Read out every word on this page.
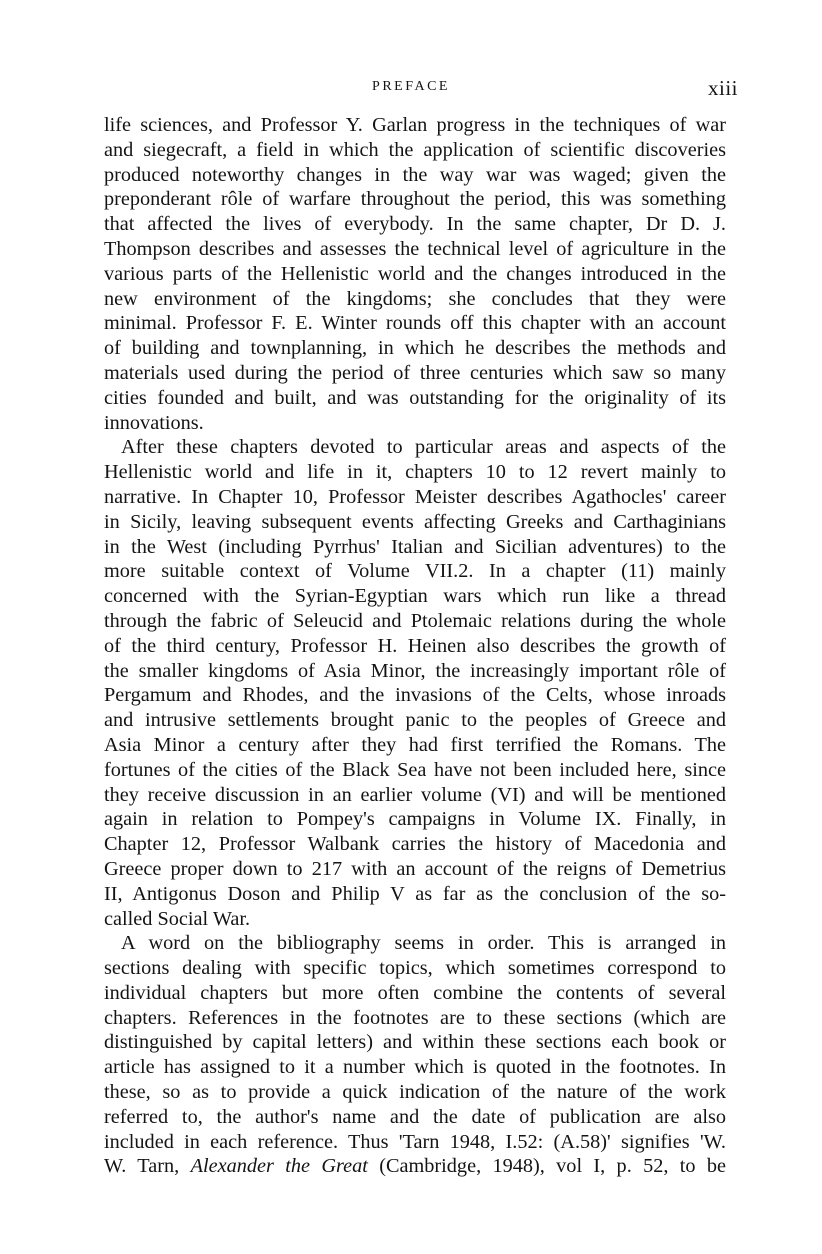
PREFACE	xiii
life sciences, and Professor Y. Garlan progress in the techniques of war
and siegecraft, a field in which the application of scientific discoveries
produced noteworthy changes in the way war was waged; given the
preponderant rôle of warfare throughout the period, this was something
that affected the lives of everybody. In the same chapter, Dr D. J.
Thompson describes and assesses the technical level of agriculture in the
various parts of the Hellenistic world and the changes introduced in the
new environment of the kingdoms; she concludes that they were
minimal. Professor F. E. Winter rounds off this chapter with an account
of building and townplanning, in which he describes the methods and
materials used during the period of three centuries which saw so many
cities founded and built, and was outstanding for the originality of its
innovations.
After these chapters devoted to particular areas and aspects of the
Hellenistic world and life in it, chapters 10 to 12 revert mainly to
narrative. In Chapter 10, Professor Meister describes Agathocles' career
in Sicily, leaving subsequent events affecting Greeks and Carthaginians
in the West (including Pyrrhus' Italian and Sicilian adventures) to the
more suitable context of Volume VII.2. In a chapter (11) mainly
concerned with the Syrian-Egyptian wars which run like a thread
through the fabric of Seleucid and Ptolemaic relations during the whole
of the third century, Professor H. Heinen also describes the growth of
the smaller kingdoms of Asia Minor, the increasingly important rôle of
Pergamum and Rhodes, and the invasions of the Celts, whose inroads
and intrusive settlements brought panic to the peoples of Greece and
Asia Minor a century after they had first terrified the Romans. The
fortunes of the cities of the Black Sea have not been included here, since
they receive discussion in an earlier volume (VI) and will be mentioned
again in relation to Pompey's campaigns in Volume IX. Finally, in
Chapter 12, Professor Walbank carries the history of Macedonia and
Greece proper down to 217 with an account of the reigns of Demetrius
II, Antigonus Doson and Philip V as far as the conclusion of the so-
called Social War.
A word on the bibliography seems in order. This is arranged in
sections dealing with specific topics, which sometimes correspond to
individual chapters but more often combine the contents of several
chapters. References in the footnotes are to these sections (which are
distinguished by capital letters) and within these sections each book or
article has assigned to it a number which is quoted in the footnotes. In
these, so as to provide a quick indication of the nature of the work
referred to, the author's name and the date of publication are also
included in each reference. Thus 'Tarn 1948, I.52: (A.58)' signifies 'W.
W. Tarn, Alexander the Great (Cambridge, 1948), vol I, p. 52, to be
